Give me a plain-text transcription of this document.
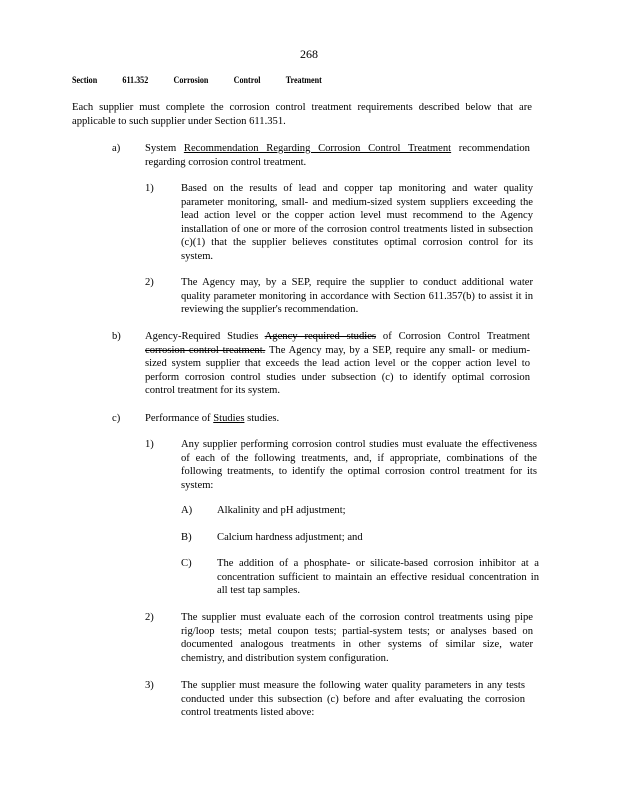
268
Section	611.352	Corrosion	Control	Treatment
Each supplier must complete the corrosion control treatment requirements described below that are applicable to such supplier under Section 611.351.
a) System Recommendation Regarding Corrosion Control Treatment recommendation regarding corrosion control treatment.
1)	Based on the results of lead and copper tap monitoring and water quality parameter monitoring, small- and medium-sized system suppliers exceeding the lead action level or the copper action level must recommend to the Agency installation of one or more of the corrosion control treatments listed in subsection (c)(1) that the supplier believes constitutes optimal corrosion control for its system.
2)	The Agency may, by a SEP, require the supplier to conduct additional water quality parameter monitoring in accordance with Section 611.357(b) to assist it in reviewing the supplier's recommendation.
b) Agency-Required Studies Agency required studies of Corrosion Control Treatment corrosion control treatment. The Agency may, by a SEP, require any small- or medium-sized system supplier that exceeds the lead action level or the copper action level to perform corrosion control studies under subsection (c) to identify optimal corrosion control treatment for its system.
c) Performance of Studies studies.
1)	Any supplier performing corrosion control studies must evaluate the effectiveness of each of the following treatments, and, if appropriate, combinations of the following treatments, to identify the optimal corrosion control treatment for its system:
A) Alkalinity and pH adjustment;
B) Calcium hardness adjustment; and
C) The addition of a phosphate- or silicate-based corrosion inhibitor at a concentration sufficient to maintain an effective residual concentration in all test tap samples.
2)	The supplier must evaluate each of the corrosion control treatments using pipe rig/loop tests; metal coupon tests; partial-system tests; or analyses based on documented analogous treatments in other systems of similar size, water chemistry, and distribution system configuration.
3)	The supplier must measure the following water quality parameters in any tests conducted under this subsection (c) before and after evaluating the corrosion control treatments listed above:
